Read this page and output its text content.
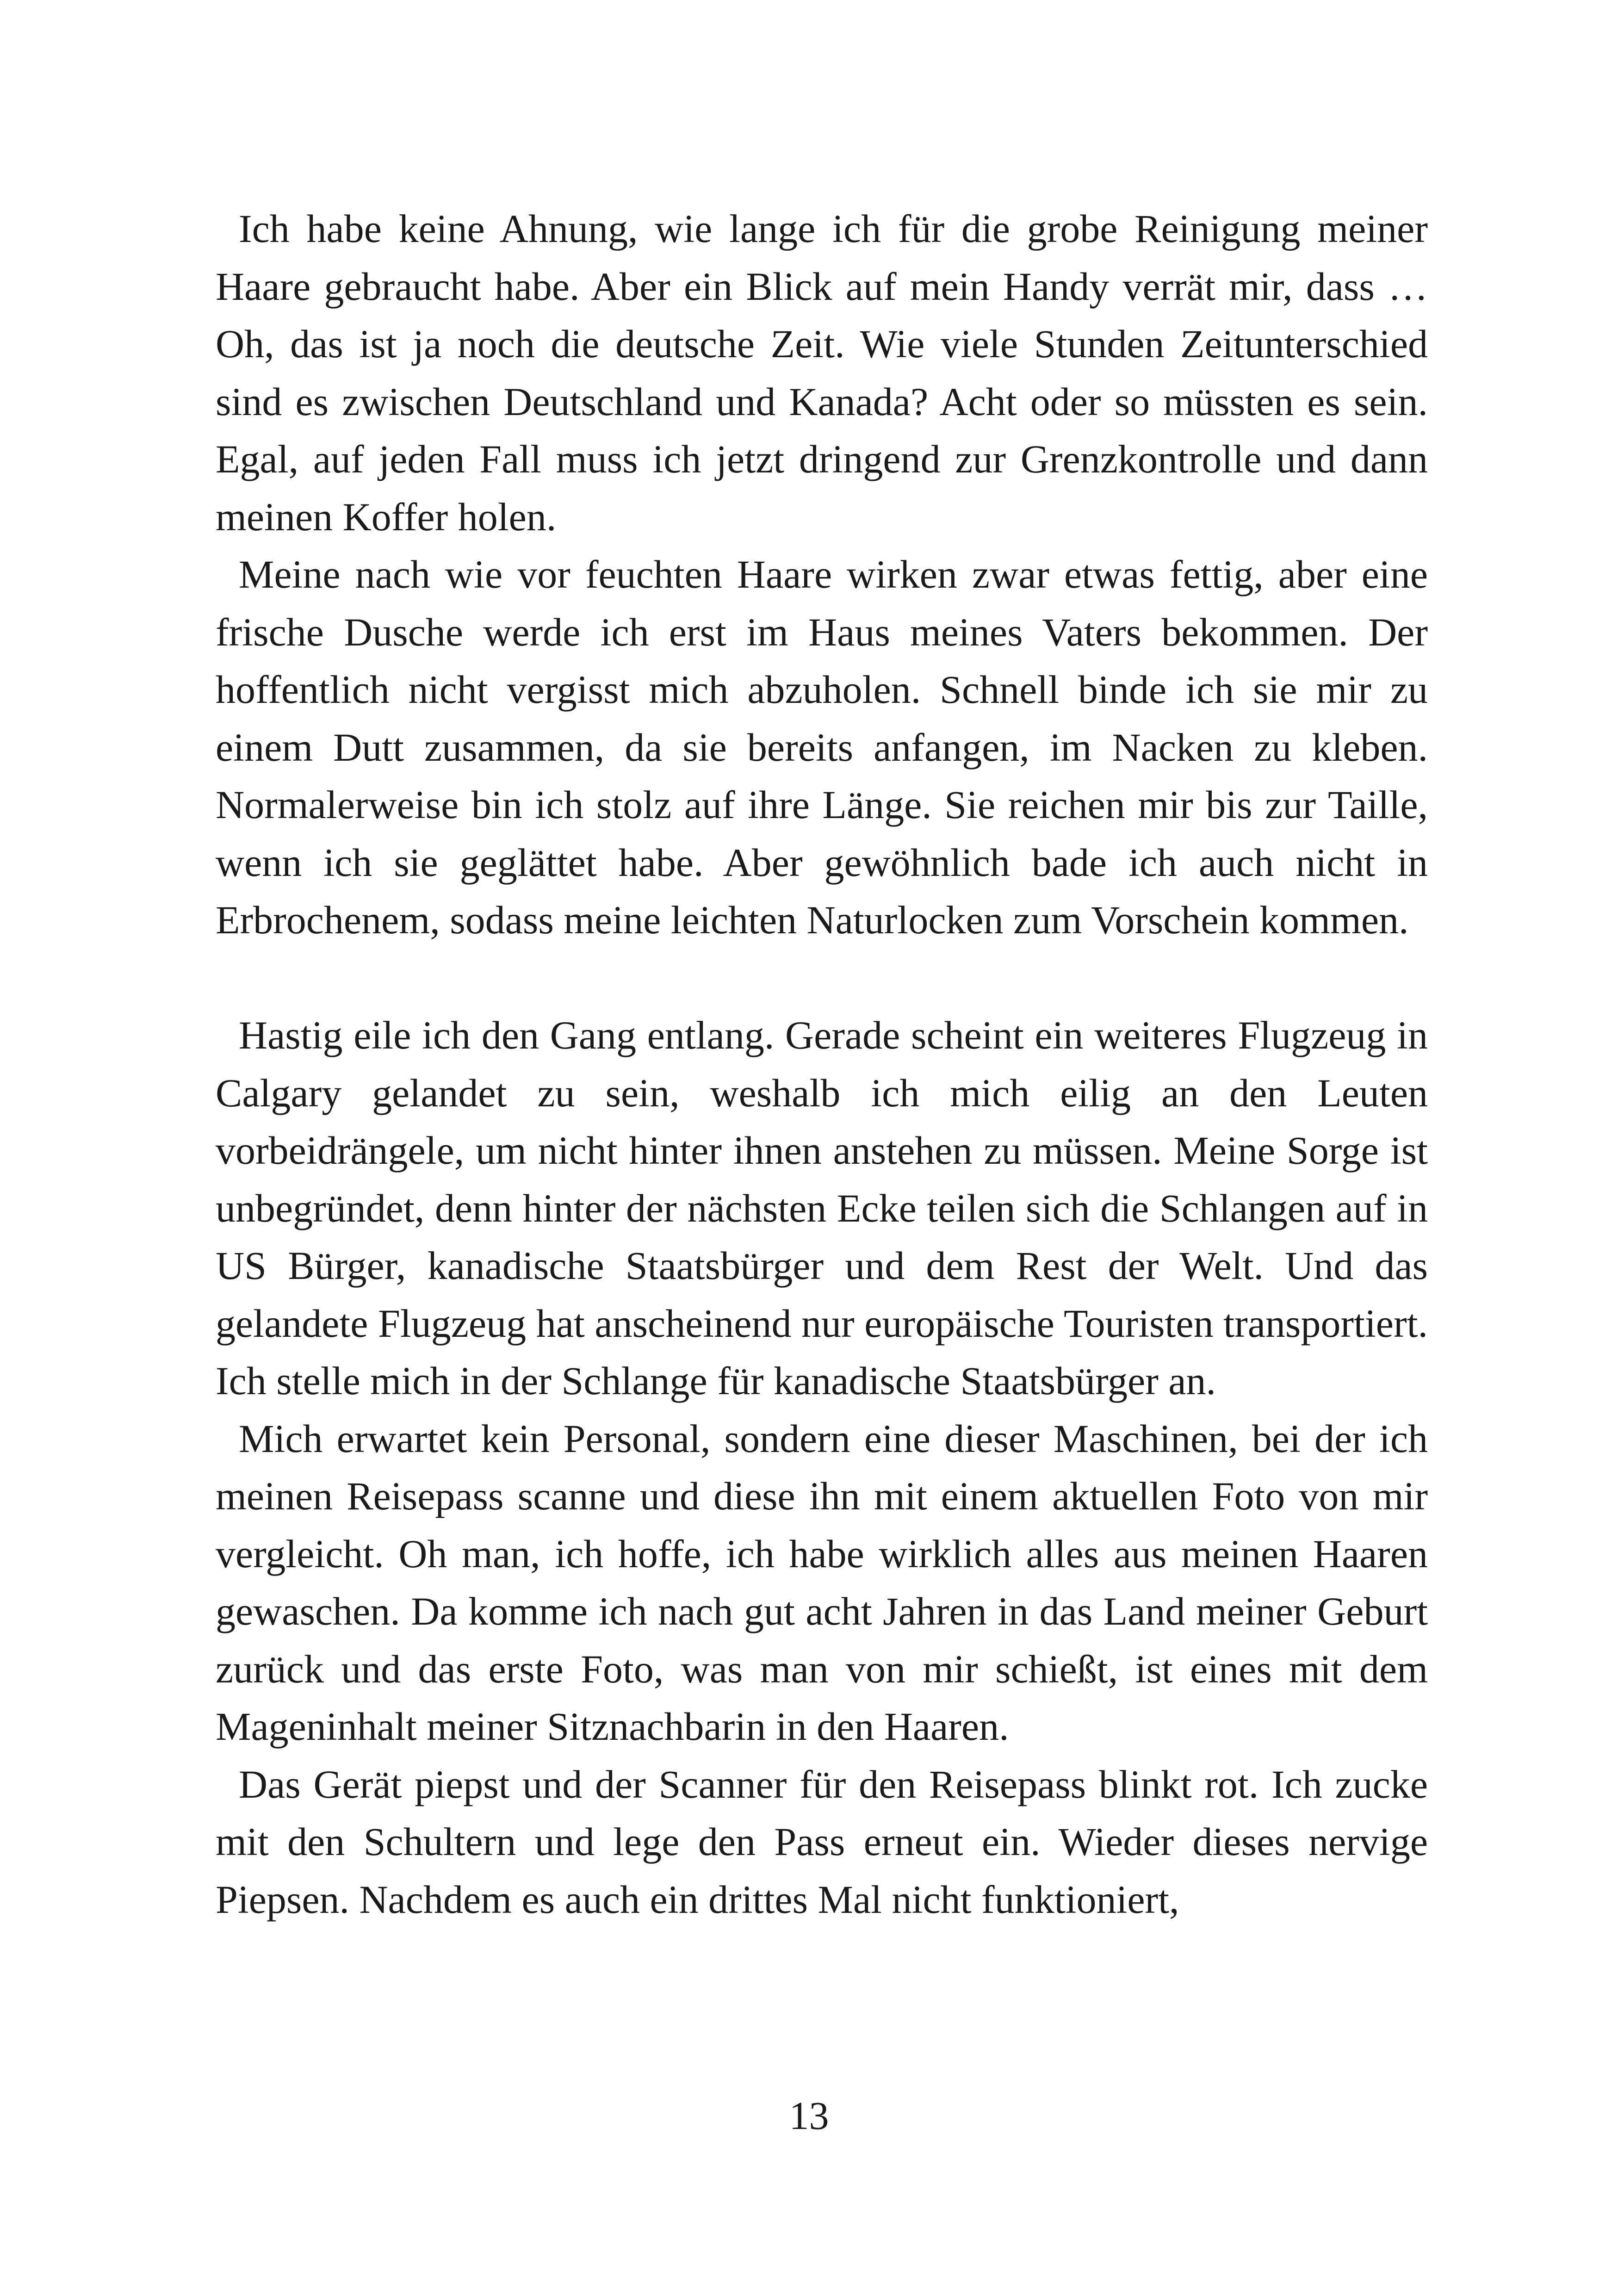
Ich habe keine Ahnung, wie lange ich für die grobe Reinigung meiner Haare gebraucht habe. Aber ein Blick auf mein Handy verrät mir, dass … Oh, das ist ja noch die deutsche Zeit. Wie viele Stunden Zeitunterschied sind es zwischen Deutschland und Kanada? Acht oder so müssten es sein. Egal, auf jeden Fall muss ich jetzt dringend zur Grenzkontrolle und dann meinen Koffer holen.

Meine nach wie vor feuchten Haare wirken zwar etwas fettig, aber eine frische Dusche werde ich erst im Haus meines Vaters bekommen. Der hoffentlich nicht vergisst mich abzuholen. Schnell binde ich sie mir zu einem Dutt zusammen, da sie bereits anfangen, im Nacken zu kleben. Normalerweise bin ich stolz auf ihre Länge. Sie reichen mir bis zur Taille, wenn ich sie geglättet habe. Aber gewöhnlich bade ich auch nicht in Erbrochenem, sodass meine leichten Naturlocken zum Vorschein kommen.

Hastig eile ich den Gang entlang. Gerade scheint ein weiteres Flugzeug in Calgary gelandet zu sein, weshalb ich mich eilig an den Leuten vorbeidrängele, um nicht hinter ihnen anstehen zu müssen. Meine Sorge ist unbegründet, denn hinter der nächsten Ecke teilen sich die Schlangen auf in US Bürger, kanadische Staatsbürger und dem Rest der Welt. Und das gelandete Flugzeug hat anscheinend nur europäische Touristen transportiert. Ich stelle mich in der Schlange für kanadische Staatsbürger an.

Mich erwartet kein Personal, sondern eine dieser Maschinen, bei der ich meinen Reisepass scanne und diese ihn mit einem aktuellen Foto von mir vergleicht. Oh man, ich hoffe, ich habe wirklich alles aus meinen Haaren gewaschen. Da komme ich nach gut acht Jahren in das Land meiner Geburt zurück und das erste Foto, was man von mir schießt, ist eines mit dem Mageninhalt meiner Sitznachbarin in den Haaren.

Das Gerät piepst und der Scanner für den Reisepass blinkt rot. Ich zucke mit den Schultern und lege den Pass erneut ein. Wieder dieses nervige Piepsen. Nachdem es auch ein drittes Mal nicht funktioniert,

13
